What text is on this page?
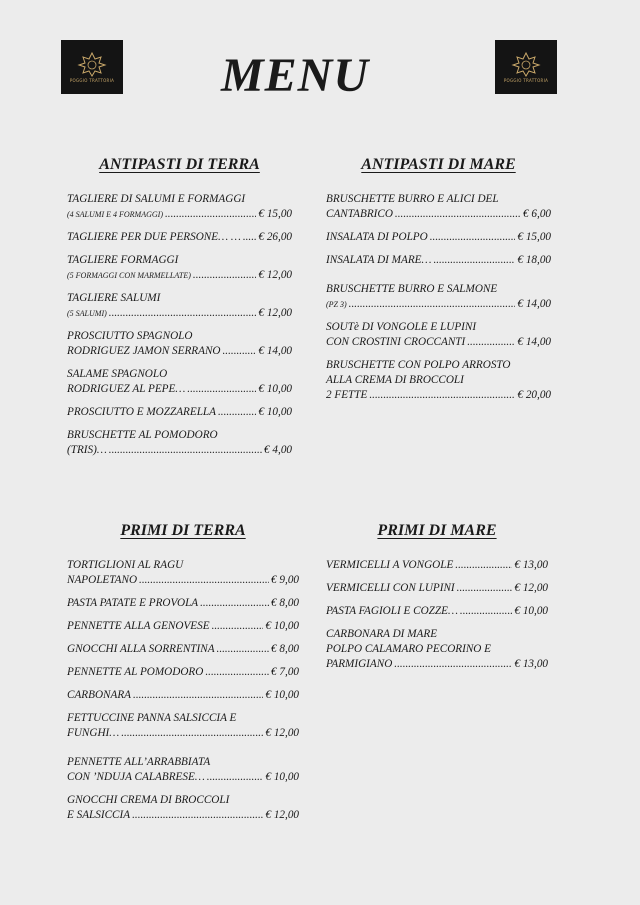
POGGIO TRATTORIA	MENU	POGGIO TRATTORIA
ANTIPASTI DI TERRA
TAGLIERE DI SALUMI E FORMAGGI
(4 SALUMI E 4 FORMAGGI) .....	€ 15,00
TAGLIERE PER DUE PERSONE… … ..... € 26,00
TAGLIERE FORMAGGI
(5 FORMAGGI CON MARMELLATE) .....	€ 12,00
TAGLIERE SALUMI
(5 SALUMI) .....	€ 12,00
PROSCIUTTO SPAGNOLO
RODRIGUEZ JAMON SERRANO .....	€ 14,00
SALAME SPAGNOLO
RODRIGUEZ AL PEPE… .....	€ 10,00
PROSCIUTTO E MOZZARELLA .....	€ 10,00
BRUSCHETTE AL POMODORO
(TRIS)… .....	€ 4,00
ANTIPASTI DI MARE
BRUSCHETTE BURRO E ALICI DEL
CANTABRICO .....	€ 6,00
INSALATA DI POLPO .....	€ 15,00
INSALATA DI MARE… .....	€ 18,00
BRUSCHETTE BURRO E SALMONE
(PZ 3) .....	€ 14,00
SOUTè DI VONGOLE E LUPINI
CON CROSTINI CROCCANTI .....	€ 14,00
BRUSCHETTE CON POLPO ARROSTO
ALLA CREMA DI BROCCOLI
2 FETTE .....	€ 20,00
PRIMI DI TERRA
TORTIGLIONI AL RAGU
NAPOLETANO .....	€ 9,00
PASTA PATATE E PROVOLA .....	€ 8,00
PENNETTE ALLA GENOVESE .....	€ 10,00
GNOCCHI ALLA SORRENTINA .....	€ 8,00
PENNETTE AL POMODORO .....	€ 7,00
CARBONARA .....	€ 10,00
FETTUCCINE PANNA SALSICCIA E
FUNGHI… .....	€ 12,00
PENNETTE ALL’ARRABBIATA
CON ’NDUJA CALABRESE… .....	€ 10,00
GNOCCHI CREMA DI BROCCOLI
E SALSICCIA .....	€ 12,00
PRIMI DI MARE
VERMICELLI A VONGOLE .....	€ 13,00
VERMICELLI CON LUPINI .....	€ 12,00
PASTA FAGIOLI E COZZE… .....	€ 10,00
CARBONARA DI MARE
POLPO CALAMARO PECORINO E
PARMIGIANO .....	€ 13,00
